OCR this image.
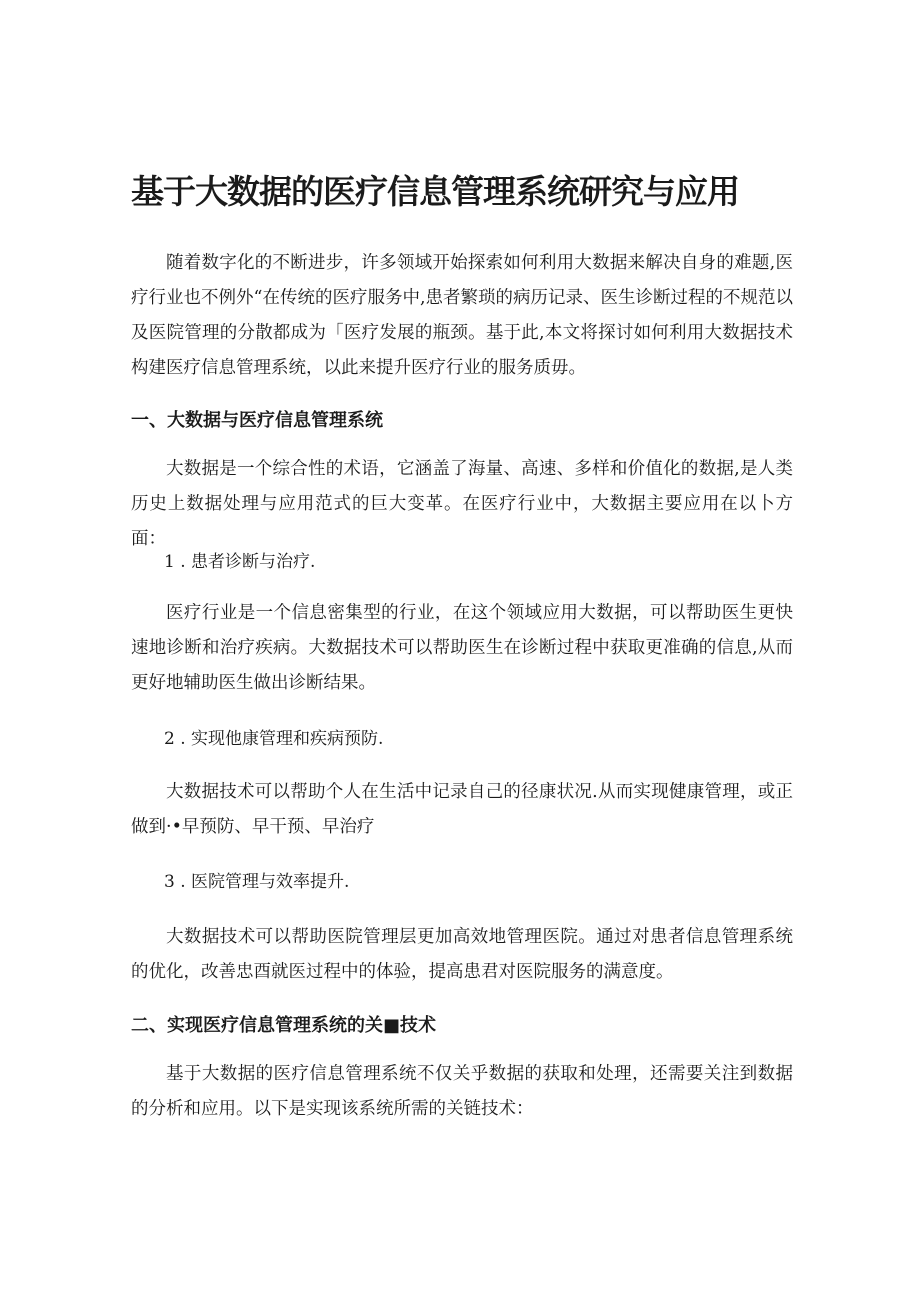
基于大数据的医疗信息管理系统研究与应用

随着数字化的不断进步，许多领域开始探索如何利用大数据来解决自身的难题,医疗行业也不例外“在传统的医疗服务中,患者繁琐的病历记录、医生诊断过程的不规范以及医院管理的分散都成为「医疗发展的瓶颈。基于此,本文将探讨如何利用大数据技术构建医疗信息管理系统，以此来提升医疗行业的服务质毋。

一、大数据与医疗信息管理系统

大数据是一个综合性的术语，它涵盖了海量、高速、多样和价值化的数据,是人类历史上数据处理与应用范式的巨大变革。在医疗行业中，大数据主要应用在以卜方面：

1 . 患者诊断与治疗.

医疗行业是一个信息密集型的行业，在这个领域应用大数据，可以帮助医生更快速地诊断和治疗疾病。大数据技术可以帮助医生在诊断过程中获取更准确的信息,从而更好地辅助医生做出诊断结果。

2 . 实现他康管理和疾病预防.

大数据技术可以帮助个人在生活中记录自己的径康状况.从而实现健康管理，或正做到·•早预防、早干预、早治疗

3 . 医院管理与效率提升.

大数据技术可以帮助医院管理层更加高效地管理医院。通过对患者信息管理系统的优化，改善忠酉就医过程中的体验，提高患君对医院服务的满意度。

二、实现医疗信息管理系统的关■技术

基于大数据的医疗信息管理系统不仅关乎数据的获取和处理，还需要关注到数据的分析和应用。以下是实现该系统所需的关链技术：
